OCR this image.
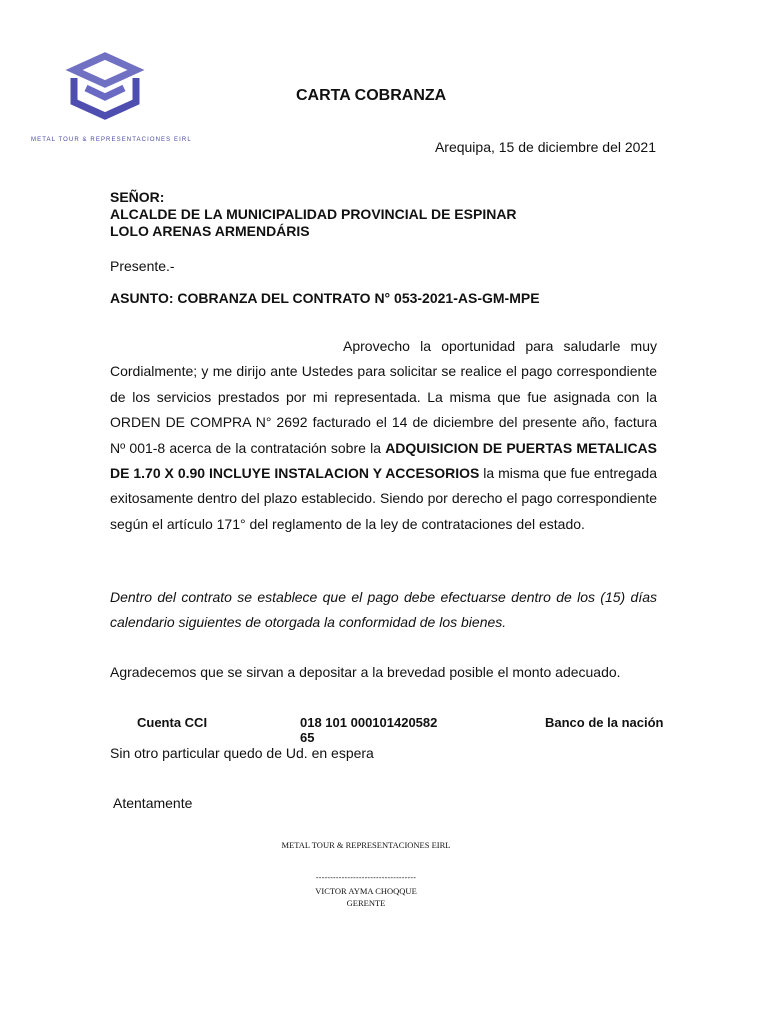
METAL TOUR & REPRESENTACIONES EIRL
CARTA COBRANZA
Arequipa, 15 de diciembre del 2021
SEÑOR:
ALCALDE DE LA MUNICIPALIDAD PROVINCIAL DE ESPINAR
LOLO ARENAS ARMENDÁRIS
Presente.-
ASUNTO: COBRANZA DEL CONTRATO N° 053-2021-AS-GM-MPE
Aprovecho la oportunidad para saludarle muy Cordialmente; y me dirijo ante Ustedes para solicitar se realice el pago correspondiente de los servicios prestados por mi representada. La misma que fue asignada con la ORDEN DE COMPRA N° 2692 facturado el 14 de diciembre del presente año, factura Nº 001-8 acerca de la contratación sobre la ADQUISICION DE PUERTAS METALICAS DE 1.70 X 0.90 INCLUYE INSTALACION Y ACCESORIOS la misma que fue entregada exitosamente dentro del plazo establecido. Siendo por derecho el pago correspondiente según el artículo 171° del reglamento de la ley de contrataciones del estado.
Dentro del contrato se establece que el pago debe efectuarse dentro de los (15) días calendario siguientes de otorgada la conformidad de los bienes.
Agradecemos que se sirvan a depositar a la brevedad posible el monto adecuado.
Cuenta CCI	018 101 000101420582 65
Banco de la nación
Sin otro particular quedo de Ud. en espera
Atentamente
METAL TOUR & REPRESENTACIONES EIRL
-----------------------------------
VICTOR AYMA CHOQQUE
GERENTE
